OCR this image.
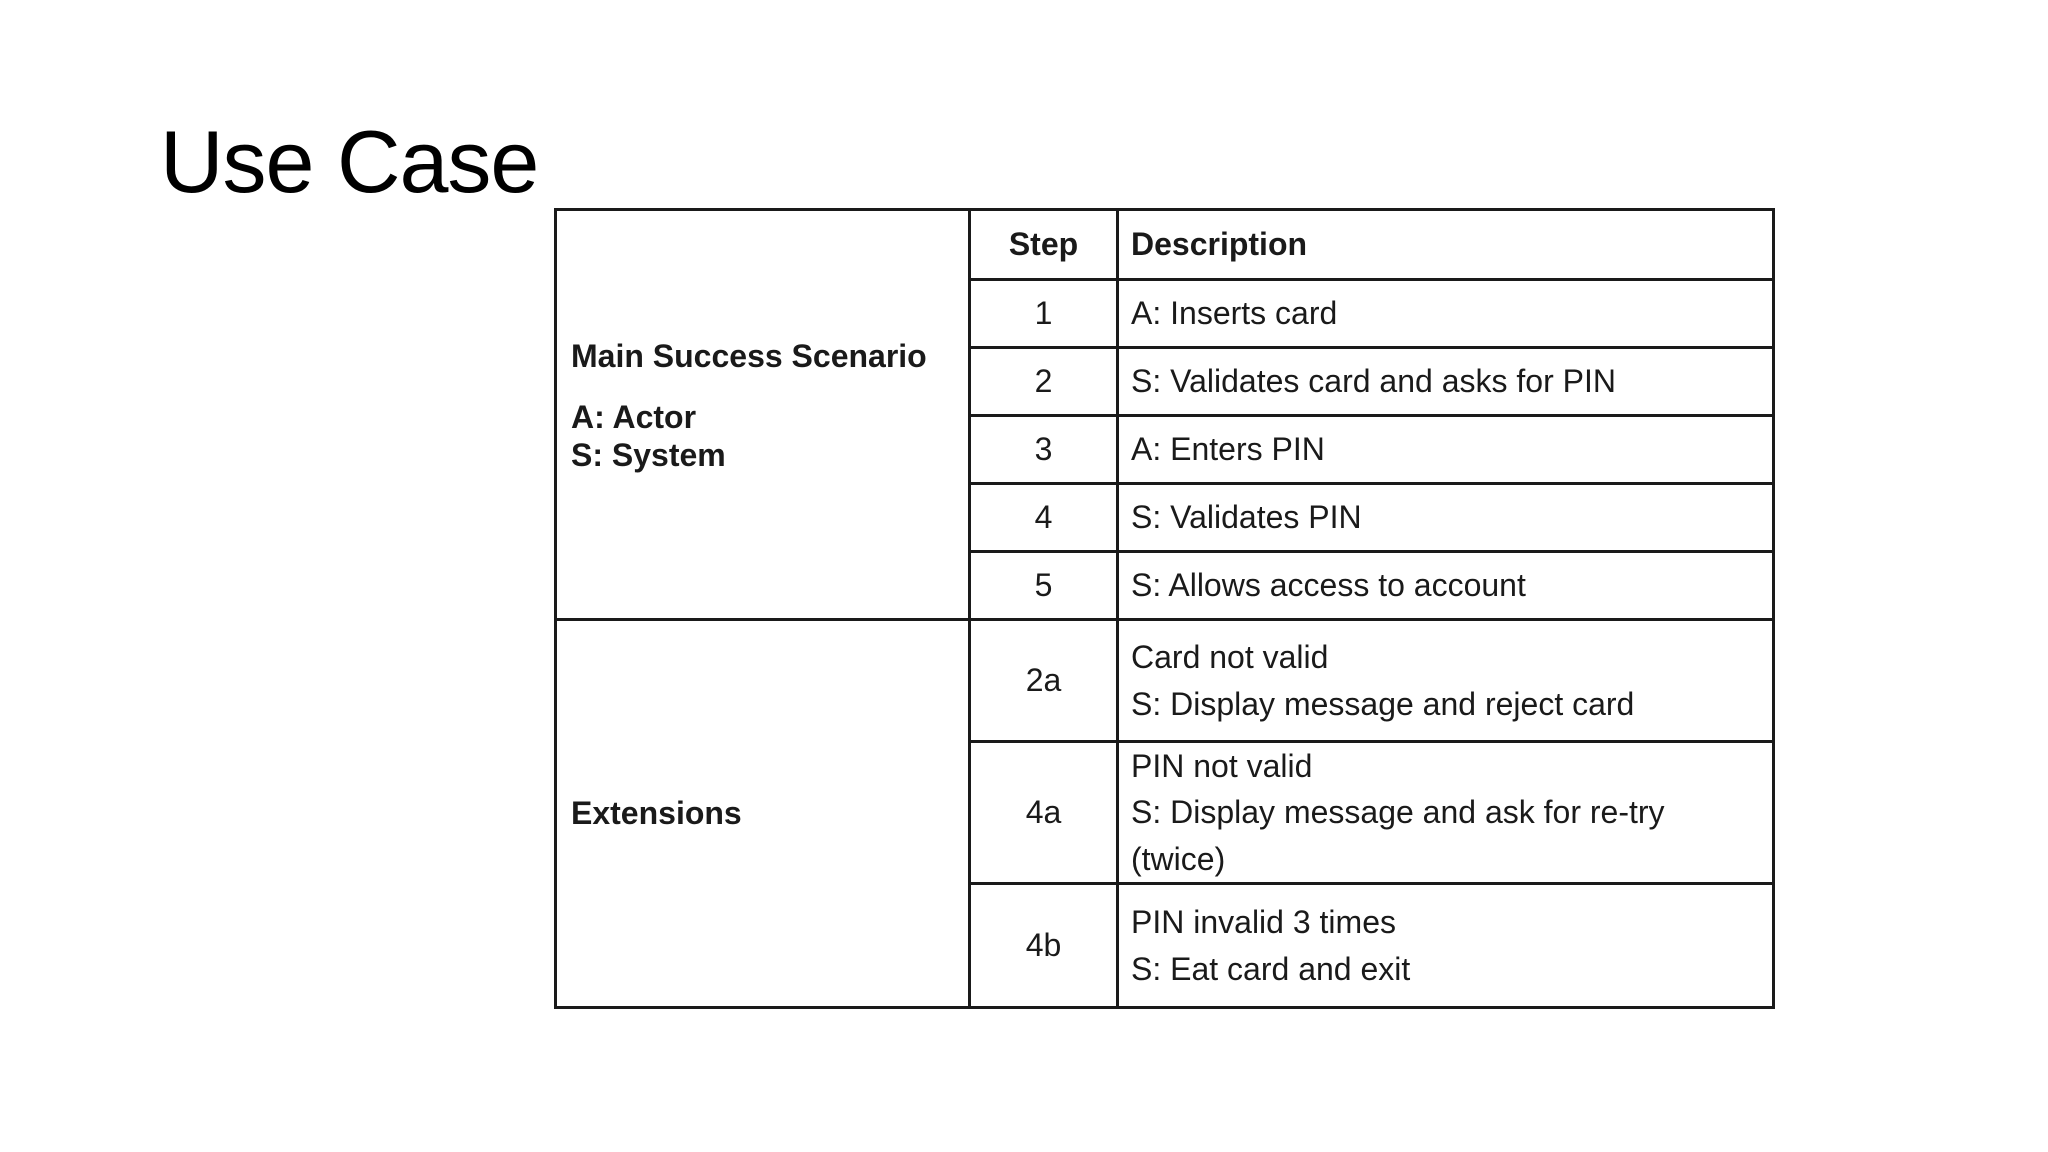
Use Case
Main Success Scenario
A: Actor
S: System	Step	Description
	1	A: Inserts card
	2	S: Validates card and asks for PIN
	3	A: Enters PIN
	4	S: Validates PIN
	5	S: Allows access to account

Extensions	2a	Card not valid
S: Display message and reject card

	4a	PIN not valid
S: Display message and ask for re-try (twice)

	4b	PIN invalid 3 times
S: Eat card and exit
